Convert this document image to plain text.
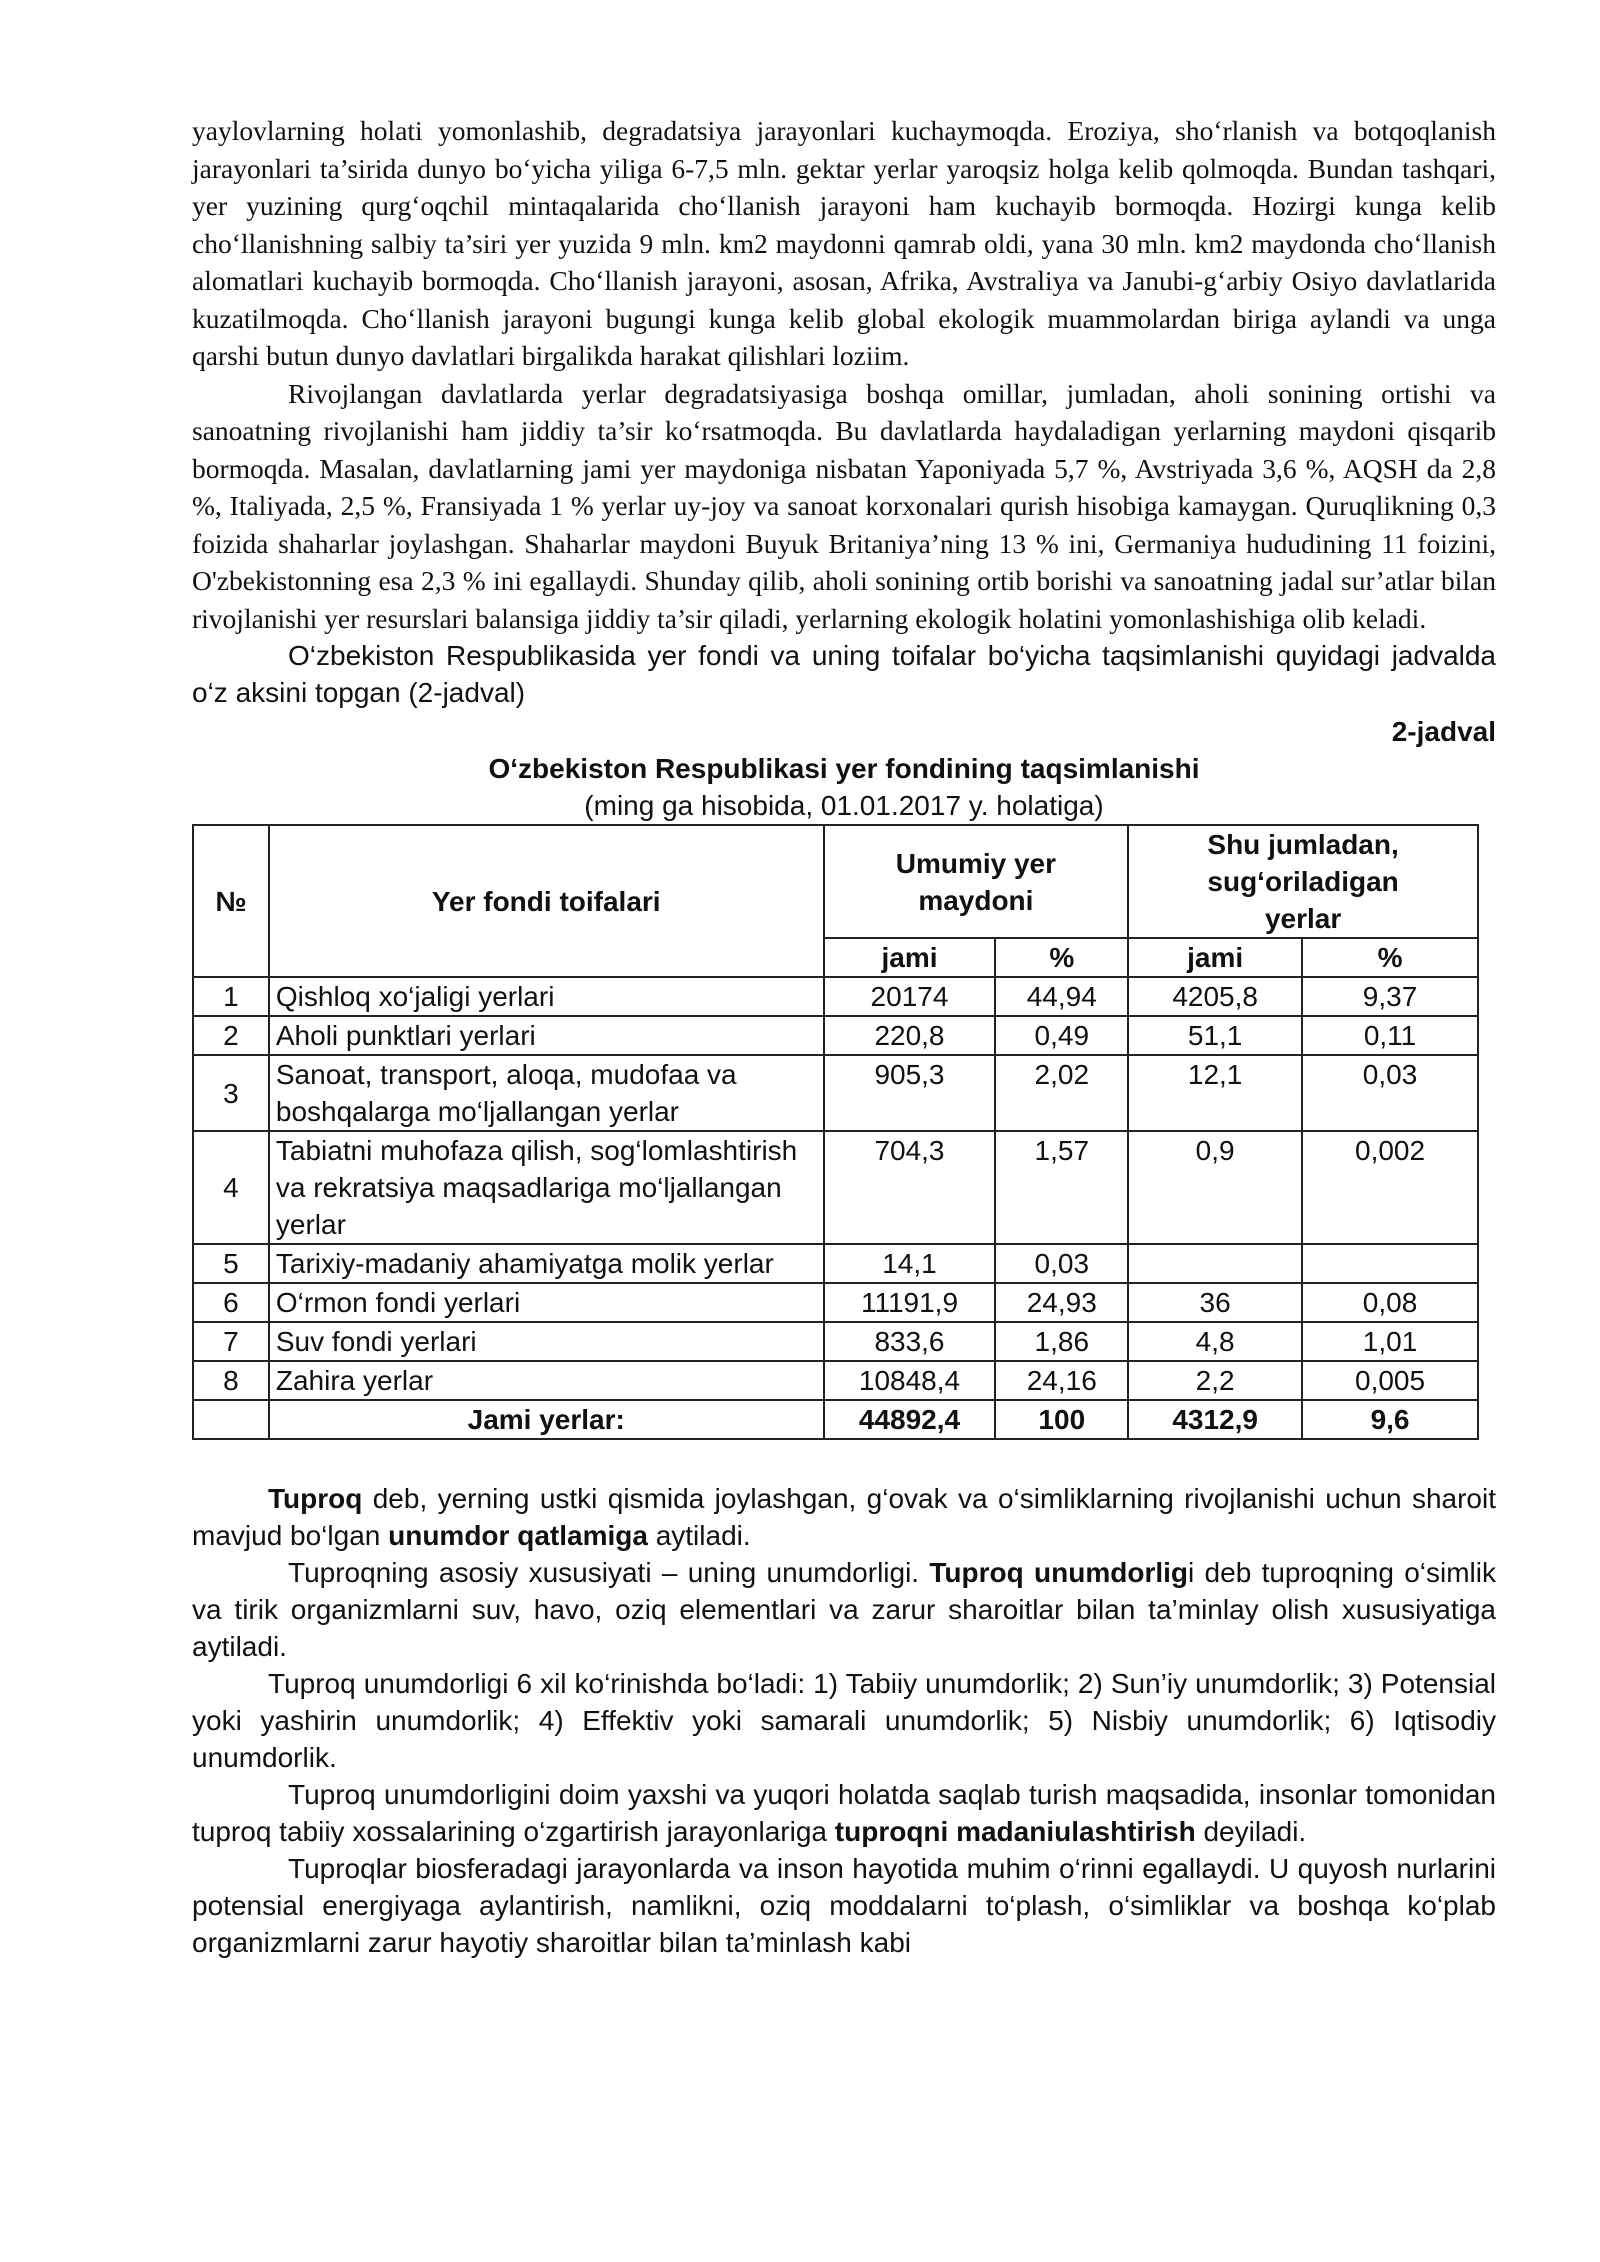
yaylovlarning holati yomonlashib, degradatsiya jarayonlari kuchaymoqda. Eroziya, sho‘rlanish va botqoqlanish jarayonlari ta’sirida dunyo bo‘yicha yiliga 6-7,5 mln. gektar yerlar yaroqsiz holga kelib qolmoqda. Bundan tashqari, yer yuzining qurg‘oqchil mintaqalarida cho‘llanish jarayoni ham kuchayib bormoqda. Hozirgi kunga kelib cho‘llanishning salbiy ta’siri yer yuzida 9 mln. km2 maydonni qamrab oldi, yana 30 mln. km2 maydonda cho‘llanish alomatlari kuchayib bormoqda. Cho‘llanish jarayoni, asosan, Afrika, Avstraliya va Janubi-g‘arbiy Osiyo davlatlarida kuzatilmoqda. Cho‘llanish jarayoni bugungi kunga kelib global ekologik muammolardan biriga aylandi va unga qarshi butun dunyo davlatlari birgalikda harakat qilishlari loziim.

Rivojlangan davlatlarda yerlar degradatsiyasiga boshqa omillar, jumladan, aholi sonining ortishi va sanoatning rivojlanishi ham jiddiy ta’sir ko‘rsatmoqda. Bu davlatlarda haydaladigan yerlarning maydoni qisqarib bormoqda. Masalan, davlatlarning jami yer maydoniga nisbatan Yaponiyada 5,7 %, Avstriyada 3,6 %, AQSH da 2,8 %, Italiyada, 2,5 %, Fransiyada 1 % yerlar uy-joy va sanoat korxonalari qurish hisobiga kamaygan. Quruqlikning 0,3 foizida shaharlar joylashgan. Shaharlar maydoni Buyuk Britaniya’ning 13 % ini, Germaniya hududining 11 foizini, O'zbekistonning esa 2,3 % ini egallaydi. Shunday qilib, aholi sonining ortib borishi va sanoatning jadal sur’atlar bilan rivojlanishi yer resurslari balansiga jiddiy ta’sir qiladi, yerlarning ekologik holatini yomonlashishiga olib keladi.

O‘zbekiston Respublikasida yer fondi va uning toifalar bo‘yicha taqsimlanishi quyidagi jadvalda o‘z aksini topgan (2-jadval)

2-jadval
O‘zbekiston Respublikasi yer fondining taqsimlanishi
(ming ga hisobida, 01.01.2017 y. holatiga)
№	Yer fondi toifalari	Umumiy yer maydoni		Shu jumladan, sug‘oriladigan yerlar	
		jami	%	jami	%
1	Qishloq xo‘jaligi yerlari	20174	44,94	4205,8	9,37
2	Aholi punktlari yerlari	220,8	0,49	51,1	0,11
3	Sanoat, transport, aloqa, mudofaa va boshqalarga mo‘ljallangan yerlar	905,3	2,02	12,1	0,03
4	Tabiatni muhofaza qilish, sog‘lomlashtirish va rekratsiya maqsadlariga mo‘ljallangan yerlar	704,3	1,57	0,9	0,002
5	Tarixiy-madaniy ahamiyatga molik yerlar	14,1	0,03		
6	O‘rmon fondi yerlari	11191,9	24,93	36	0,08
7	Suv fondi yerlari	833,6	1,86	4,8	1,01
8	Zahira yerlar	10848,4	24,16	2,2	0,005
	Jami yerlar:	44892,4	100	4312,9	9,6

Tuproq deb, yerning ustki qismida joylashgan, g‘ovak va o‘simliklarning rivojlanishi uchun sharoit mavjud bo‘lgan unumdor qatlamiga aytiladi.

Tuproqning asosiy xususiyati – uning unumdorligi. Tuproq unumdorligi deb tuproqning o‘simlik va tirik organizmlarni suv, havo, oziq elementlari va zarur sharoitlar bilan ta’minlay olish xususiyatiga aytiladi.

Tuproq unumdorligi 6 xil ko‘rinishda bo‘ladi: 1) Tabiiy unumdorlik; 2) Sun’iy unumdorlik; 3) Potensial yoki yashirin unumdorlik; 4) Effektiv yoki samarali unumdorlik; 5) Nisbiy unumdorlik; 6) Iqtisodiy unumdorlik.

Tuproq unumdorligini doim yaxshi va yuqori holatda saqlab turish maqsadida, insonlar tomonidan tuproq tabiiy xossalarining o‘zgartirish jarayonlariga tuproqni madaniulashtirish deyiladi.

Tuproqlar biosferadagi jarayonlarda va inson hayotida muhim o‘rinni egallaydi. U quyosh nurlarini potensial energiyaga aylantirish, namlikni, oziq moddalarni to‘plash, o‘simliklar va boshqa ko‘plab organizmlarni zarur hayotiy sharoitlar bilan ta’minlash kabi
